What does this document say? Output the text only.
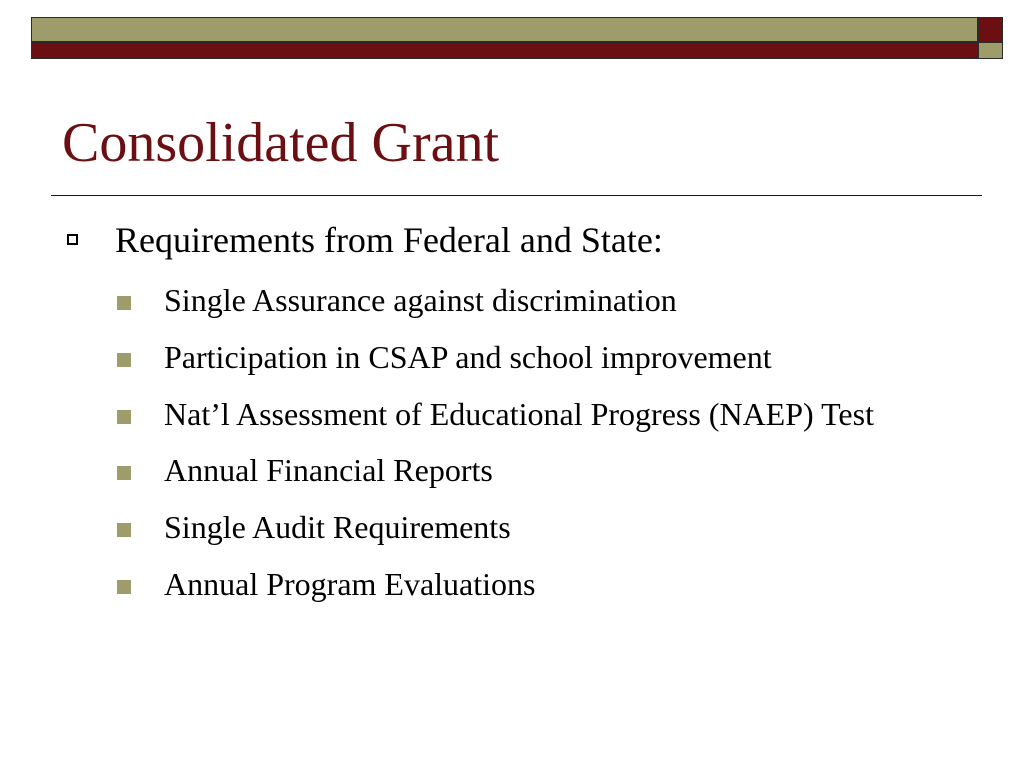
Consolidated Grant
Requirements from Federal and State:
Single Assurance against discrimination
Participation in CSAP and school improvement
Nat’l Assessment of Educational Progress (NAEP) Test
Annual Financial Reports
Single Audit Requirements
Annual Program Evaluations
